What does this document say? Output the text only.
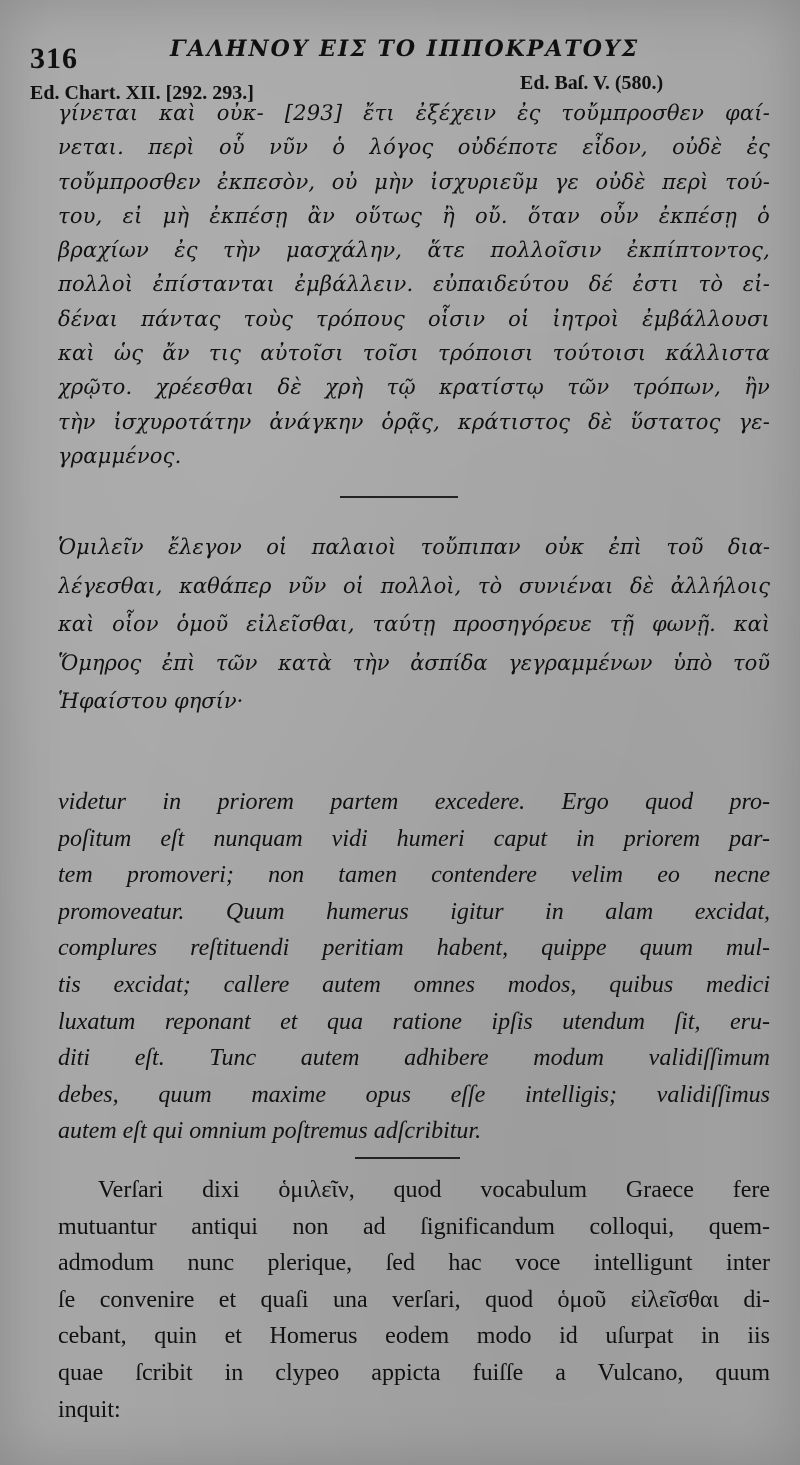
316	ΓΑΛΗΝΟΥ ΕΙΣ ΤΟ ΙΠΠΟΚΡΑΤΟΥΣ
Ed. Chart. XII. [292. 293.]	Ed. Baſ. V. (580.)
γίνεται καὶ οὐκ- [293] ἔτι ἐξέχειν ἐς τοὔμπροσθεν φαί-
νεται. περὶ οὗ νῦν ὁ λόγος οὐδέποτε εἶδον, οὐδὲ ἐς
τοὔμπροσθεν ἐκπεσὸν, οὐ μὴν ἰσχυριεῦμ γε οὐδὲ περὶ τού-
του, εἰ μὴ ἐκπέσῃ ἂν οὕτως ἢ οὔ. ὅταν οὖν ἐκπέσῃ ὁ
βραχίων ἐς τὴν μασχάλην, ἅτε πολλοῖσιν ἐκπίπτοντος,
πολλοὶ ἐπίστανται ἐμβάλλειν. εὐπαιδεύτου δέ ἐστι τὸ εἰ-
δέναι πάντας τοὺς τρόπους οἷσιν οἱ ἰητροὶ ἐμβάλλουσι
καὶ ὡς ἄν τις αὐτοῖσι τοῖσι τρόποισι τούτοισι κάλλιστα
χρῷτο. χρέεσθαι δὲ χρὴ τῷ κρατίστῳ τῶν τρόπων, ἢν
τὴν ἰσχυροτάτην ἀνάγκην ὁρᾷς, κράτιστος δὲ ὕστατος γε-
γραμμένος.
Ὁμιλεῖν ἔλεγον οἱ παλαιοὶ τοὔπιπαν οὐκ ἐπὶ τοῦ δια-
λέγεσθαι, καθάπερ νῦν οἱ πολλοὶ, τὸ συνιέναι δὲ ἀλλήλοις
καὶ οἷον ὁμοῦ εἰλεῖσθαι, ταύτῃ προσηγόρευε τῇ φωνῇ. καὶ
Ὅμηρος ἐπὶ τῶν κατὰ τὴν ἀσπίδα γεγραμμένων ὑπὸ τοῦ
Ἡφαίστου φησίν·
videtur in priorem partem excedere. Ergo quod pro-
poſitum eſt nunquam vidi humeri caput in priorem par-
tem promoveri; non tamen contendere velim eo necne
promoveatur. Quum humerus igitur in alam excidat,
complures reſtituendi peritiam habent, quippe quum mul-
tis excidat; callere autem omnes modos, quibus medici
luxatum reponant et qua ratione ipſis utendum ſit, eru-
diti eſt. Tunc autem adhibere modum validiſſimum
debes, quum maxime opus eſſe intelligis; validiſſimus
autem eſt qui omnium poſtremus adſcribitur.
Verſari dixi ὁμιλεῖν, quod vocabulum Graece fere
mutuantur antiqui non ad ſignificandum colloqui, quem-
admodum nunc plerique, ſed hac voce intelligunt inter
ſe convenire et quaſi una verſari, quod ὁμοῦ εἰλεῖσθαι di-
cebant, quin et Homerus eodem modo id uſurpat in iis
quae ſcribit in clypeo appicta fuiſſe a Vulcano, quum
inquit:
